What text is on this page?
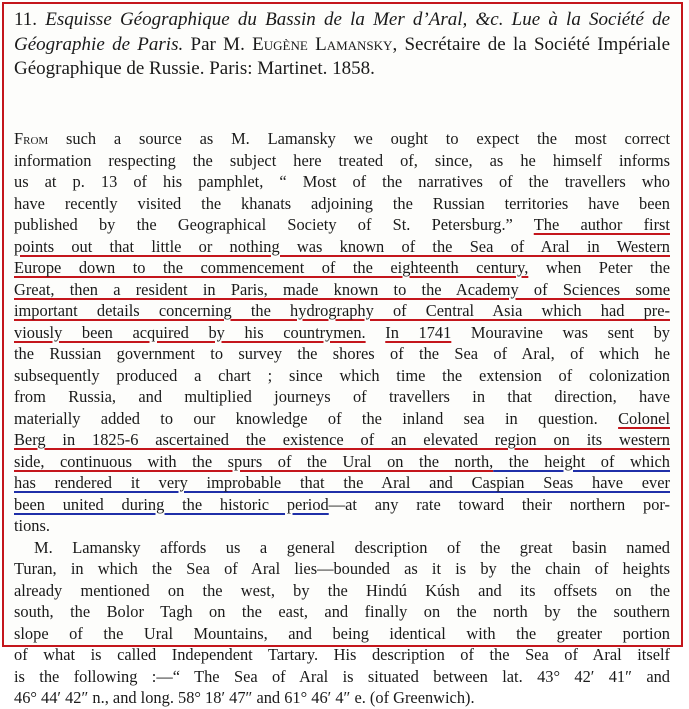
11. Esquisse Géographique du Bassin de la Mer d’Aral, &c. Lue à la Société de Géographie de Paris. Par M. Eugène Lamansky, Secrétaire de la Société Impériale Géographique de Russie. Paris: Martinet. 1858.
From such a source as M. Lamansky we ought to expect the most correct
information respecting the subject here treated of, since, as he himself informs
us at p. 13 of his pamphlet, “ Most of the narratives of the travellers who
have recently visited the khanats adjoining the Russian territories have been
published by the Geographical Society of St. Petersburg.” The author first
points out that little or nothing was known of the Sea of Aral in Western
Europe down to the commencement of the eighteenth century, when Peter the
Great, then a resident in Paris, made known to the Academy of Sciences some
important details concerning the hydrography of Central Asia which had pre-
viously been acquired by his countrymen. In 1741 Mouravine was sent by
the Russian government to survey the shores of the Sea of Aral, of which he
subsequently produced a chart ; since which time the extension of colonization
from Russia, and multiplied journeys of travellers in that direction, have
materially added to our knowledge of the inland sea in question. Colonel
Berg in 1825-6 ascertained the existence of an elevated region on its western
side, continuous with the spurs of the Ural on the north, the height of which
has rendered it very improbable that the Aral and Caspian Seas have ever
been united during the historic period—at any rate toward their northern por-
tions.
M. Lamansky affords us a general description of the great basin named
Turan, in which the Sea of Aral lies—bounded as it is by the chain of heights
already mentioned on the west, by the Hindú Kúsh and its offsets on the
south, the Bolor Tagh on the east, and finally on the north by the southern
slope of the Ural Mountains, and being identical with the greater portion
of what is called Independent Tartary. His description of the Sea of Aral itself
is the following :—“ The Sea of Aral is situated between lat. 43° 42′ 41″ and
46° 44′ 42″ n., and long. 58° 18′ 47″ and 61° 46′ 4″ e. (of Greenwich).
